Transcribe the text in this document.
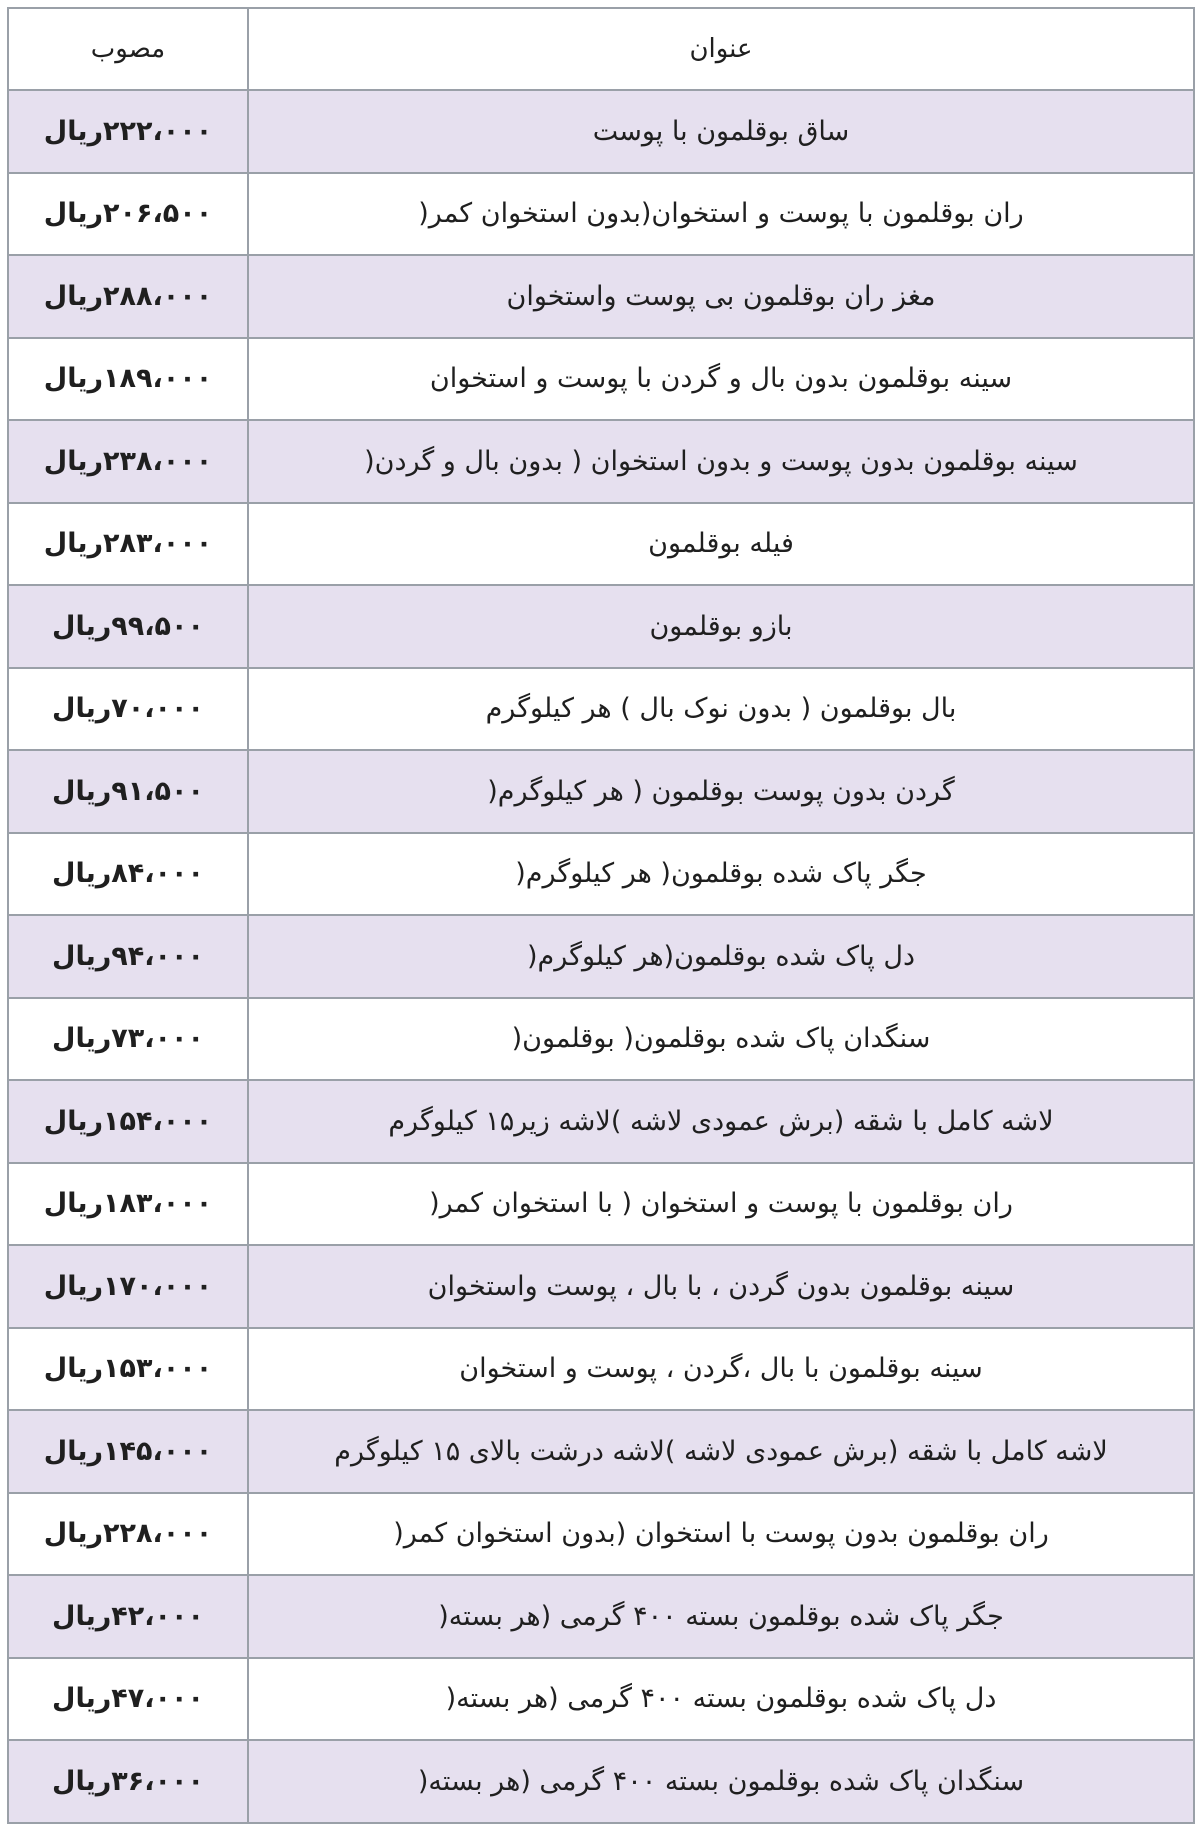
مصوب	عنوان
۲۲۲،۰۰۰ریال	ساق بوقلمون با پوست
۲۰۶،۵۰۰ریال	ران بوقلمون با پوست و استخوان(بدون استخوان کمر(
۲۸۸،۰۰۰ریال	مغز ران بوقلمون بی پوست واستخوان
۱۸۹،۰۰۰ریال	سینه بوقلمون بدون بال و گردن با پوست و استخوان
۲۳۸،۰۰۰ریال	سینه بوقلمون بدون پوست و بدون استخوان ( بدون بال و گردن(
۲۸۳،۰۰۰ریال	فیله بوقلمون
۹۹،۵۰۰ریال	بازو بوقلمون
۷۰،۰۰۰ریال	بال بوقلمون ( بدون نوک بال ) هر کیلوگرم
۹۱،۵۰۰ریال	گردن بدون پوست بوقلمون ( هر کیلوگرم(
۸۴،۰۰۰ریال	جگر پاک شده بوقلمون( هر کیلوگرم(
۹۴،۰۰۰ریال	دل پاک شده بوقلمون(هر کیلوگرم(
۷۳،۰۰۰ریال	سنگدان پاک شده بوقلمون( بوقلمون(
۱۵۴،۰۰۰ریال	لاشه کامل با شقه (برش عمودی لاشه )لاشه زیر۱۵ کیلوگرم
۱۸۳،۰۰۰ریال	ران بوقلمون با پوست و استخوان ( با استخوان کمر(
۱۷۰،۰۰۰ریال	سینه بوقلمون بدون گردن ، با بال ، پوست واستخوان
۱۵۳،۰۰۰ریال	سینه بوقلمون با بال ،گردن ، پوست و استخوان
۱۴۵،۰۰۰ریال	لاشه کامل با شقه (برش عمودی لاشه )لاشه درشت بالای ۱۵ کیلوگرم
۲۲۸،۰۰۰ریال	ران بوقلمون بدون پوست با استخوان (بدون استخوان کمر(
۴۲،۰۰۰ریال	جگر پاک شده بوقلمون بسته ۴۰۰ گرمی (هر بسته(
۴۷،۰۰۰ریال	دل پاک شده بوقلمون بسته ۴۰۰ گرمی (هر بسته(
۳۶،۰۰۰ریال	سنگدان پاک شده بوقلمون بسته ۴۰۰ گرمی (هر بسته(
